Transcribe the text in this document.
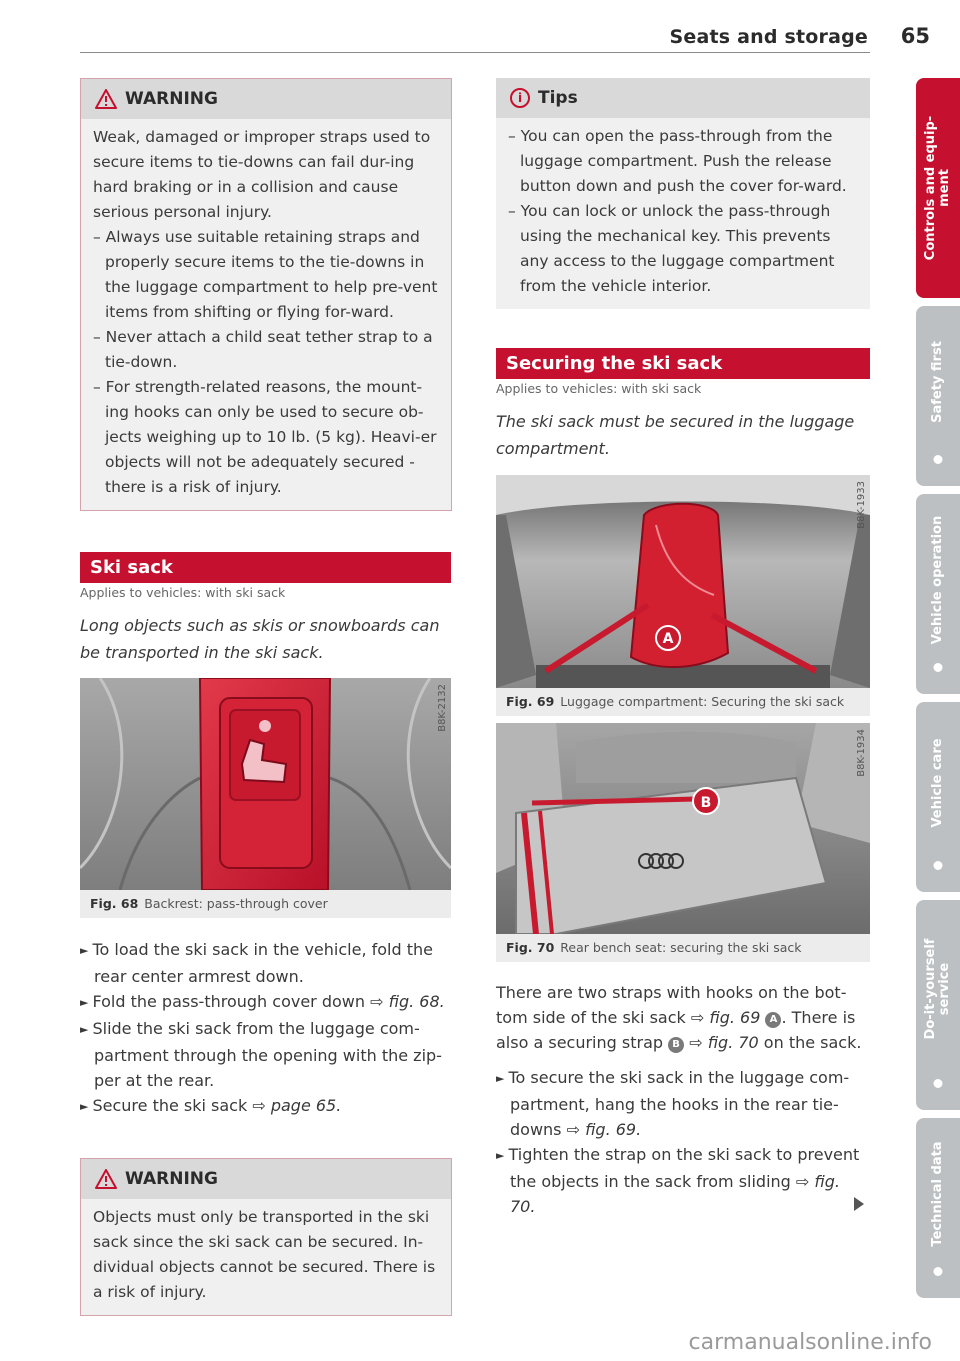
Seats and storage 65
Controls and equip-
ment
Safety first
Vehicle operation
Vehicle care
Do-it-yourself
service
Technical data
WARNING

Weak, damaged or improper straps used to secure items to tie-downs can fail dur-ing hard braking or in a collision and cause serious personal injury.

– Always use suitable retaining straps and properly secure items to the tie-downs in the luggage compartment to help pre-vent items from shifting or flying for-ward.

– Never attach a child seat tether strap to a tie-down.

– For strength-related reasons, the mount-ing hooks can only be used to secure ob-jects weighing up to 10 lb. (5 kg). Heavi-er objects will not be adequately secured - there is a risk of injury.

Ski sack
Applies to vehicles: with ski sack
Long objects such as skis or snowboards can be transported in the ski sack.
B8K-2132
Fig. 68 Backrest: pass-through cover

► To load the ski sack in the vehicle, fold the rear center armrest down.

► Fold the pass-through cover down ⇨ fig. 68.

► Slide the ski sack from the luggage com-partment through the opening with the zip-per at the rear.

► Secure the ski sack ⇨ page 65.

WARNING

Objects must only be transported in the ski sack since the ski sack can be secured. In-dividual objects cannot be secured. There is a risk of injury.

i Tips

– You can open the pass-through from the luggage compartment. Push the release button down and push the cover for-ward.

– You can lock or unlock the pass-through using the mechanical key. This prevents any access to the luggage compartment from the vehicle interior.

Securing the ski sack
Applies to vehicles: with ski sack
The ski sack must be secured in the luggage compartment.
A
B8K-1933
Fig. 69 Luggage compartment: Securing the ski sack
B
B8K-1934
Fig. 70 Rear bench seat: securing the ski sack

There are two straps with hooks on the bot-tom side of the ski sack ⇨ fig. 69 A . There is also a securing strap B ⇨ fig. 70 on the sack.

► To secure the ski sack in the luggage com-partment, hang the hooks in the rear tie-downs ⇨ fig. 69.

► Tighten the strap on the ski sack to prevent the objects in the sack from sliding ⇨ fig. 70.

carmanualsonline.info
